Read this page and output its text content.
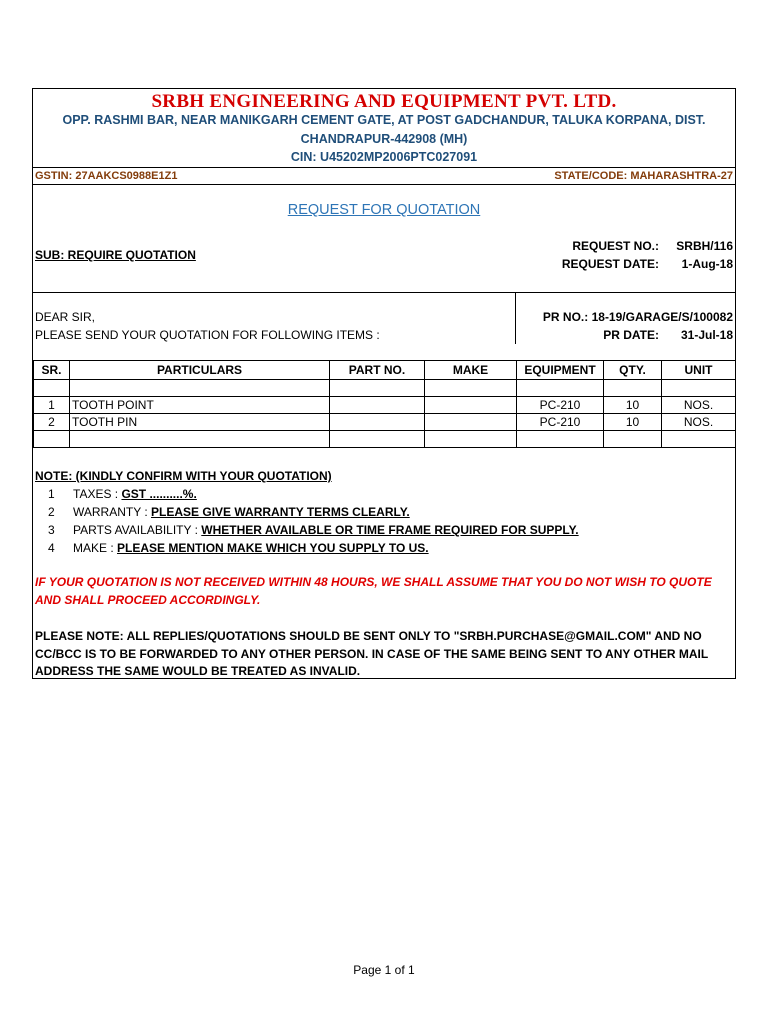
SRBH ENGINEERING AND EQUIPMENT PVT. LTD.
OPP. RASHMI BAR, NEAR MANIKGARH CEMENT GATE, AT POST GADCHANDUR, TALUKA KORPANA, DIST.
CHANDRAPUR-442908 (MH)
CIN: U45202MP2006PTC027091
GSTIN: 27AAKCS0988E1Z1	STATE/CODE: MAHARASHTRA-27
REQUEST FOR QUOTATION
SUB: REQUIRE QUOTATION
REQUEST NO.: SRBH/116
REQUEST DATE: 1-Aug-18
DEAR SIR,
PLEASE SEND YOUR QUOTATION FOR FOLLOWING ITEMS :
PR NO.: 18-19/GARAGE/S/100082
PR DATE: 31-Jul-18
SR.	PARTICULARS	PART NO.	MAKE	EQUIPMENT	QTY.	UNIT

1	TOOTH POINT			PC-210	10	NOS.
2	TOOTH PIN			PC-210	10	NOS.

NOTE: (KINDLY CONFIRM WITH YOUR QUOTATION)
1 TAXES : GST ..........%.
2 WARRANTY : PLEASE GIVE WARRANTY TERMS CLEARLY.
3 PARTS AVAILABILITY : WHETHER AVAILABLE OR TIME FRAME REQUIRED FOR SUPPLY.
4 MAKE : PLEASE MENTION MAKE WHICH YOU SUPPLY TO US.
IF YOUR QUOTATION IS NOT RECEIVED WITHIN 48 HOURS, WE SHALL ASSUME THAT YOU DO NOT WISH TO QUOTE
AND SHALL PROCEED ACCORDINGLY.
PLEASE NOTE: ALL REPLIES/QUOTATIONS SHOULD BE SENT ONLY TO "SRBH.PURCHASE@GMAIL.COM" AND NO
CC/BCC IS TO BE FORWARDED TO ANY OTHER PERSON. IN CASE OF THE SAME BEING SENT TO ANY OTHER MAIL
ADDRESS THE SAME WOULD BE TREATED AS INVALID.
Page 1 of 1
